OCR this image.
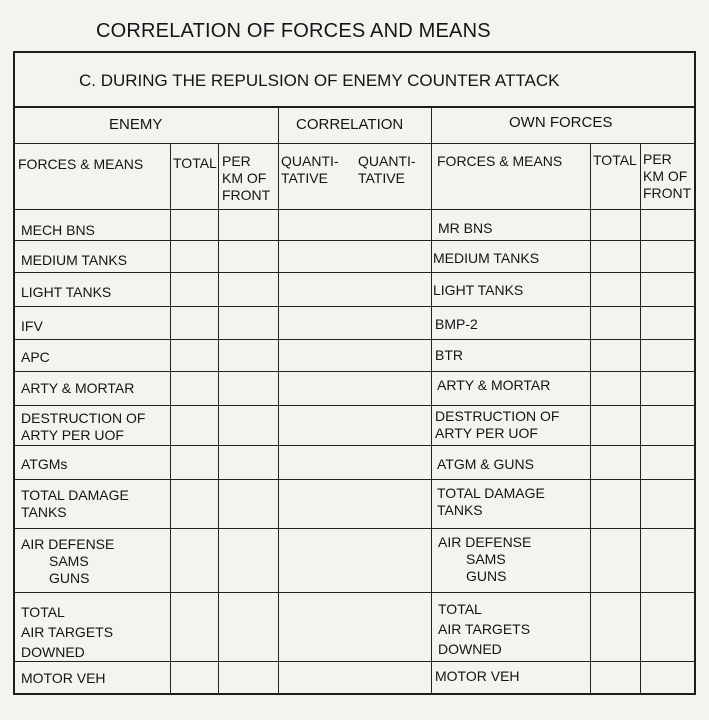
CORRELATION OF FORCES AND MEANS
C. DURING THE REPULSION OF ENEMY COUNTER ATTACK
ENEMY	CORRELATION	OWN FORCES
FORCES & MEANS TOTAL PER
KM OF
FRONT
QUANTI-
TATIVE
QUANTI-
TATIVE
FORCES & MEANS TOTAL PER
KM OF
FRONT
MECH BNS
MEDIUM TANKS
LIGHT TANKS
IFV
APC
ARTY & MORTAR
DESTRUCTION OF
ARTY PER UOF
ATGMs
TOTAL DAMAGE
TANKS
AIR DEFENSE
SAMS
GUNS
TOTAL
AIR TARGETS
DOWNED
MOTOR VEH
MR BNS
MEDIUM TANKS
LIGHT TANKS
BMP-2
BTR
ARTY & MORTAR
DESTRUCTION OF
ARTY PER UOF
ATGM & GUNS
TOTAL DAMAGE
TANKS
AIR DEFENSE
SAMS
GUNS
TOTAL
AIR TARGETS
DOWNED
MOTOR VEH
